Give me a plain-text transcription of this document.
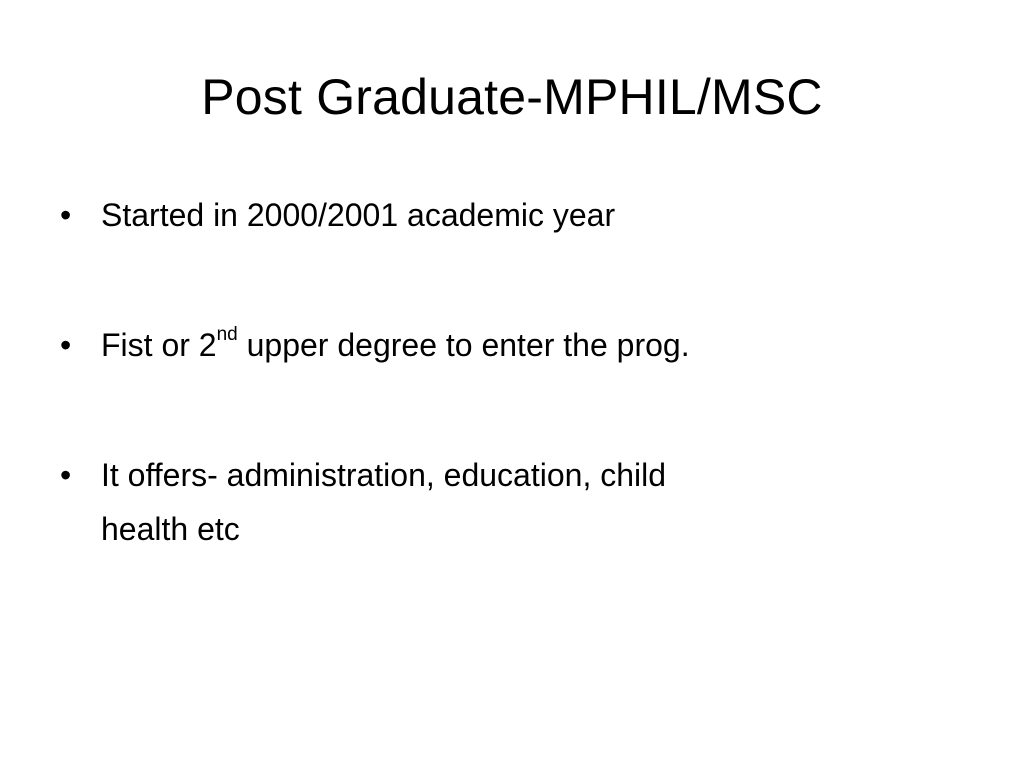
Post Graduate-MPHIL/MSC
• Started in 2000/2001 academic year
• Fist or 2nd upper degree to enter the prog.
• It offers- administration, education, child
health etc
